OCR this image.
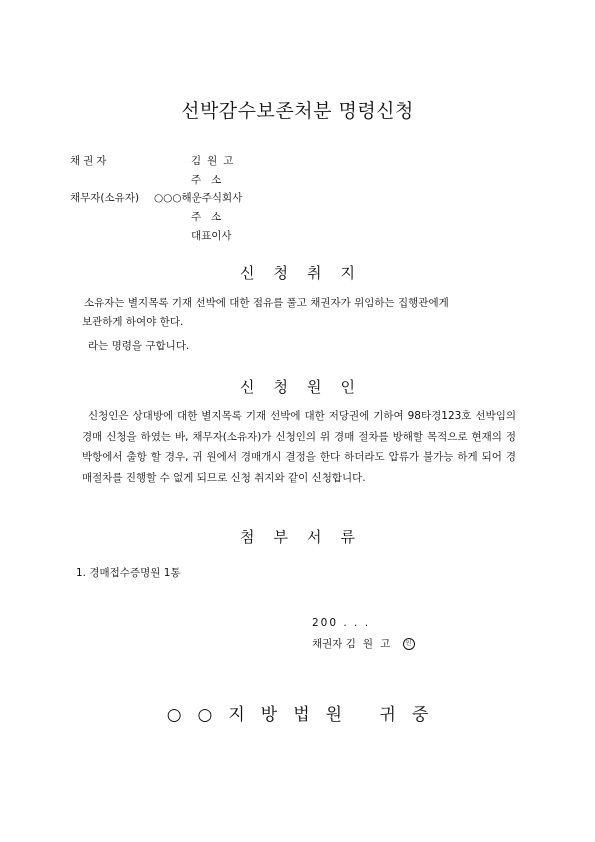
선박감수보존처분 명령신청
채권자	김원고
주소
채무자(소유자) ○○○해운주식회사
주소
대표이사
신청취지
소유자는 별지목록 기재 선박에 대한 점유를 풀고 채권자가 위임하는 집행관에게
보관하게 하여야 한다.
라는 명령을 구합니다.
신청원인
신청인은 상대방에 대한 별지목록 기재 선박에 대한 저당권에 기하여 98타경123호 선박임의경매 신청을 하였는 바, 채무자(소유자)가 신청인의 위 경매 절차를 방해할 목적으로 현재의 정박항에서 출항 할 경우, 귀 원에서 경매개시 결정을 한다 하더라도 압류가 불가능 하게 되어 경매절차를 진행할 수 없게 되므로 신청 취지와 같이 신청합니다.
첨부서류
1. 경매접수증명원 1통
200 . . .
채권자 김원고 인
○○지방법원 귀중
